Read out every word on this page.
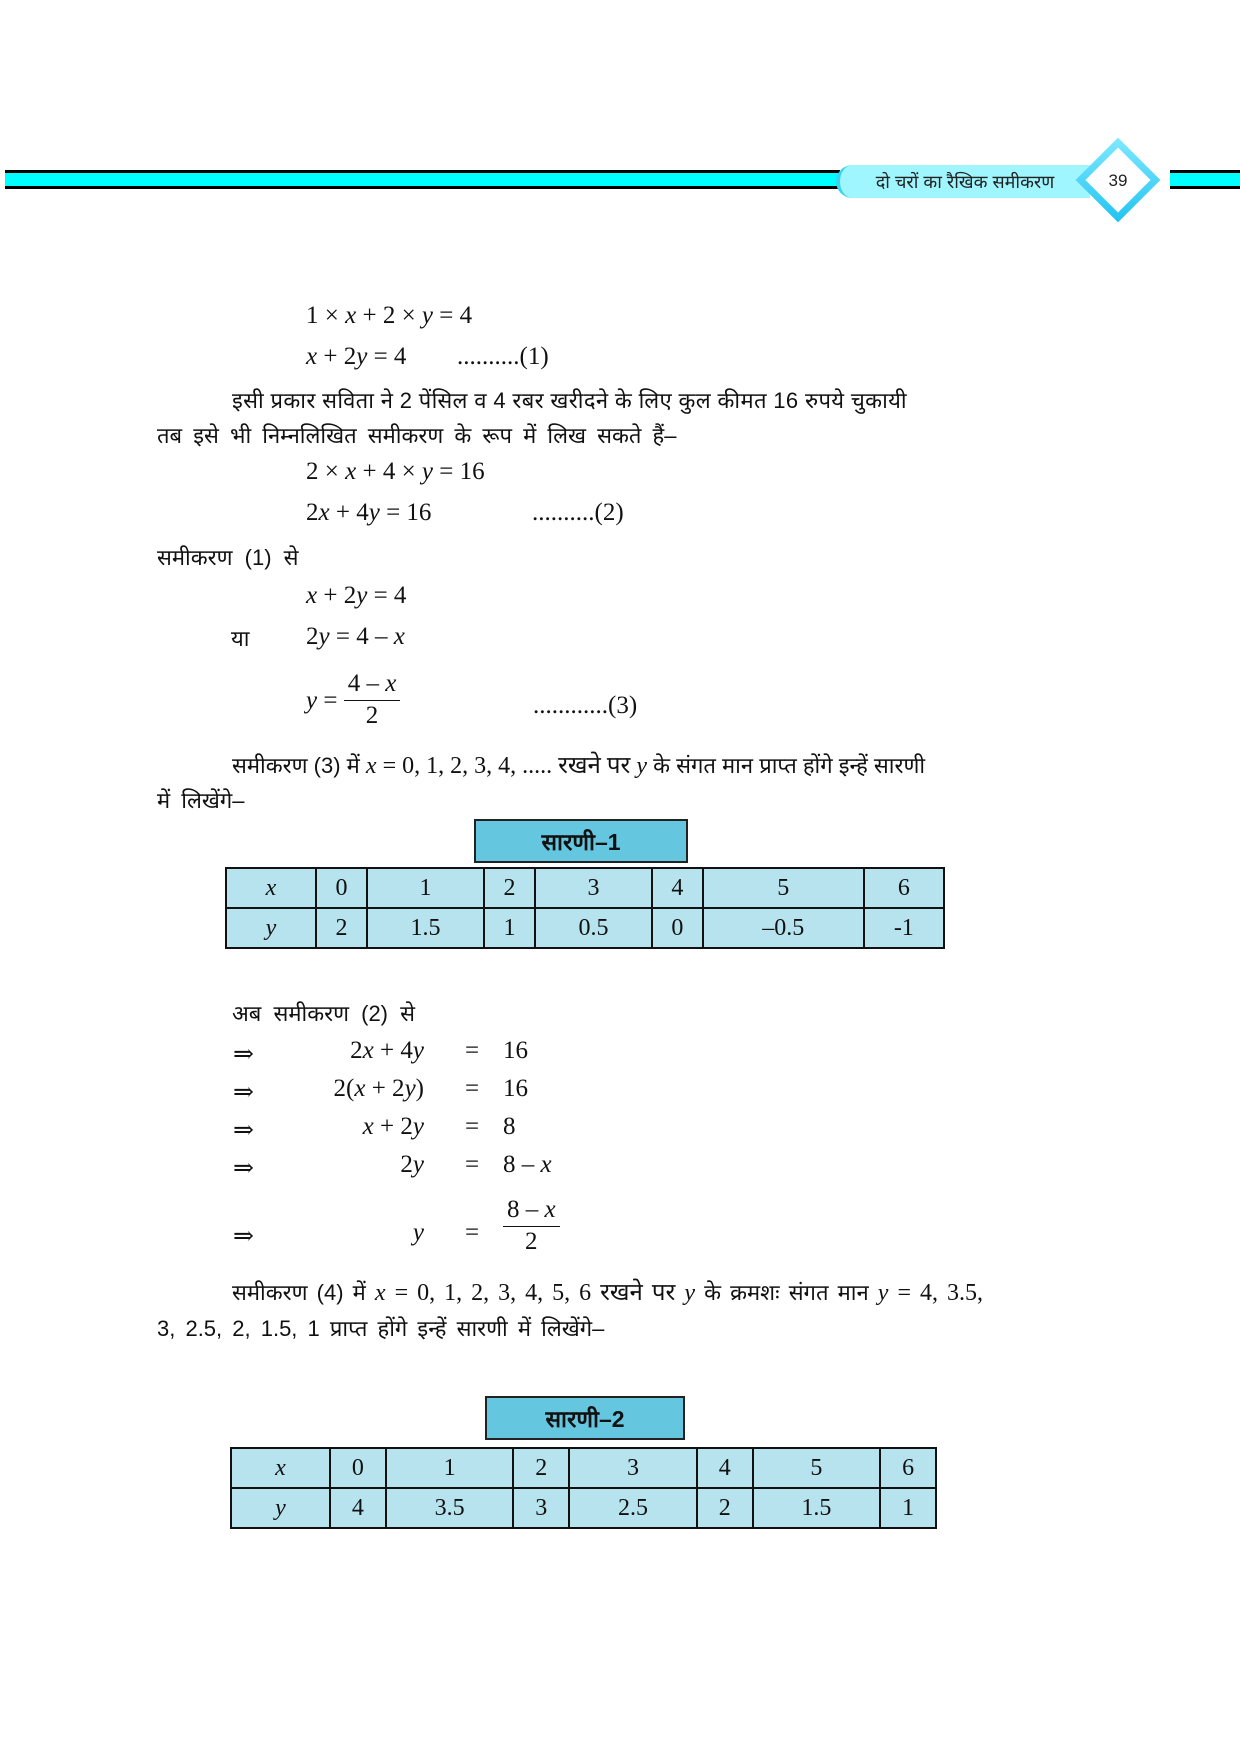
दो चरों का रैखिक समीकरण	39
1 × x + 2 × y = 4
x + 2y = 4 ..........(1)
इसी प्रकार सविता ने 2 पेंसिल व 4 रबर खरीदने के लिए कुल कीमत 16 रुपये चुकायी
तब इसे भी निम्नलिखित समीकरण के रूप में लिख सकते हैं–
2 × x + 4 × y = 16
2x + 4y = 16	..........(2)
समीकरण (1) से
x + 2y = 4
या 2y = 4 – x
$y = \frac{4 - x}{2}$	............(3)
समीकरण (3) में x = 0, 1, 2, 3, 4, ..... रखने पर y के संगत मान प्राप्त होंगे इन्हें सारणी
में लिखेंगे–
सारणी–1
x	0	1	2	3	4	5	6
y	2	1.5	1	0.5	0	–0.5	-1
अब समीकरण (2) से
⇒	2x + 4y = 16
⇒	2(x + 2y) = 16
⇒	x + 2y = 8
⇒	2y = 8 – x
⇒	$y = \frac{8 - x}{2}$
समीकरण (4) में x = 0, 1, 2, 3, 4, 5, 6 रखने पर y के क्रमशः संगत मान y = 4, 3.5,
3, 2.5, 2, 1.5, 1 प्राप्त होंगे इन्हें सारणी में लिखेंगे–
सारणी–2
x	0	1	2	3	4	5	6
y	4	3.5	3	2.5	2	1.5	1
